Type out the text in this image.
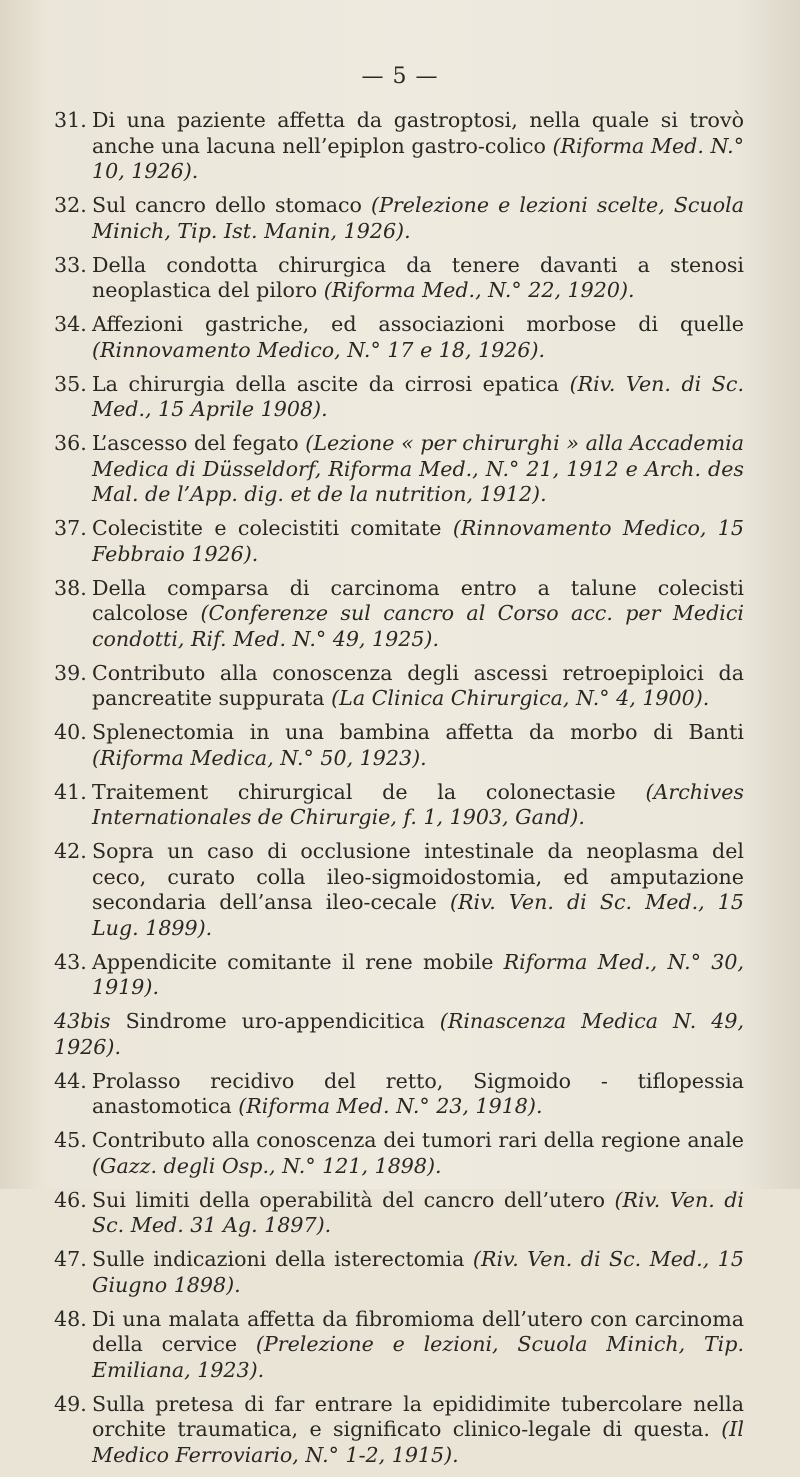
— 5 —
31. Di una paziente affetta da gastroptosi, nella quale si trovò anche una lacuna nell’epiplon gastro-colico (Riforma Med. N.° 10, 1926).
32. Sul cancro dello stomaco (Prelezione e lezioni scelte, Scuola Minich, Tip. Ist. Manin, 1926).
33. Della condotta chirurgica da tenere davanti a stenosi neoplastica del piloro (Riforma Med., N.° 22, 1920).
34. Affezioni gastriche, ed associazioni morbose di quelle (Rinnovamento Medico, N.° 17 e 18, 1926).
35. La chirurgia della ascite da cirrosi epatica (Riv. Ven. di Sc. Med., 15 Aprile 1908).
36. L’ascesso del fegato (Lezione « per chirurghi » alla Accademia Medica di Düsseldorf, Riforma Med., N.° 21, 1912 e Arch. des Mal. de l’App. dig. et de la nutrition, 1912).
37. Colecistite e colecistiti comitate (Rinnovamento Medico, 15 Febbraio 1926).
38. Della comparsa di carcinoma entro a talune colecisti calcolose (Conferenze sul cancro al Corso acc. per Medici condotti, Rif. Med. N.° 49, 1925).
39. Contributo alla conoscenza degli ascessi retroepiploici da pancreatite suppurata (La Clinica Chirurgica, N.° 4, 1900).
40. Splenectomia in una bambina affetta da morbo di Banti (Riforma Medica, N.° 50, 1923).
41. Traitement chirurgical de la colonectasie (Archives Internationales de Chirurgie, f. 1, 1903, Gand).
42. Sopra un caso di occlusione intestinale da neoplasma del ceco, curato colla ileo-sigmoidostomia, ed amputazione secondaria dell’ansa ileo-cecale (Riv. Ven. di Sc. Med., 15 Lug. 1899).
43. Appendicite comitante il rene mobile Riforma Med., N.° 30, 1919).
43bis Sindrome uro-appendicitica (Rinascenza Medica N. 49, 1926).
44. Prolasso recidivo del retto, Sigmoido - tiflopessia anastomotica (Riforma Med. N.° 23, 1918).
45. Contributo alla conoscenza dei tumori rari della regione anale (Gazz. degli Osp., N.° 121, 1898).
46. Sui limiti della operabilità del cancro dell’utero (Riv. Ven. di Sc. Med. 31 Ag. 1897).
47. Sulle indicazioni della isterectomia (Riv. Ven. di Sc. Med., 15 Giugno 1898).
48. Di una malata affetta da fibromioma dell’utero con carcinoma della cervice (Prelezione e lezioni, Scuola Minich, Tip. Emiliana, 1923).
49. Sulla pretesa di far entrare la epididimite tubercolare nella orchite traumatica, e significato clinico-legale di questa. (Il Medico Ferroviario, N.° 1-2, 1915).
